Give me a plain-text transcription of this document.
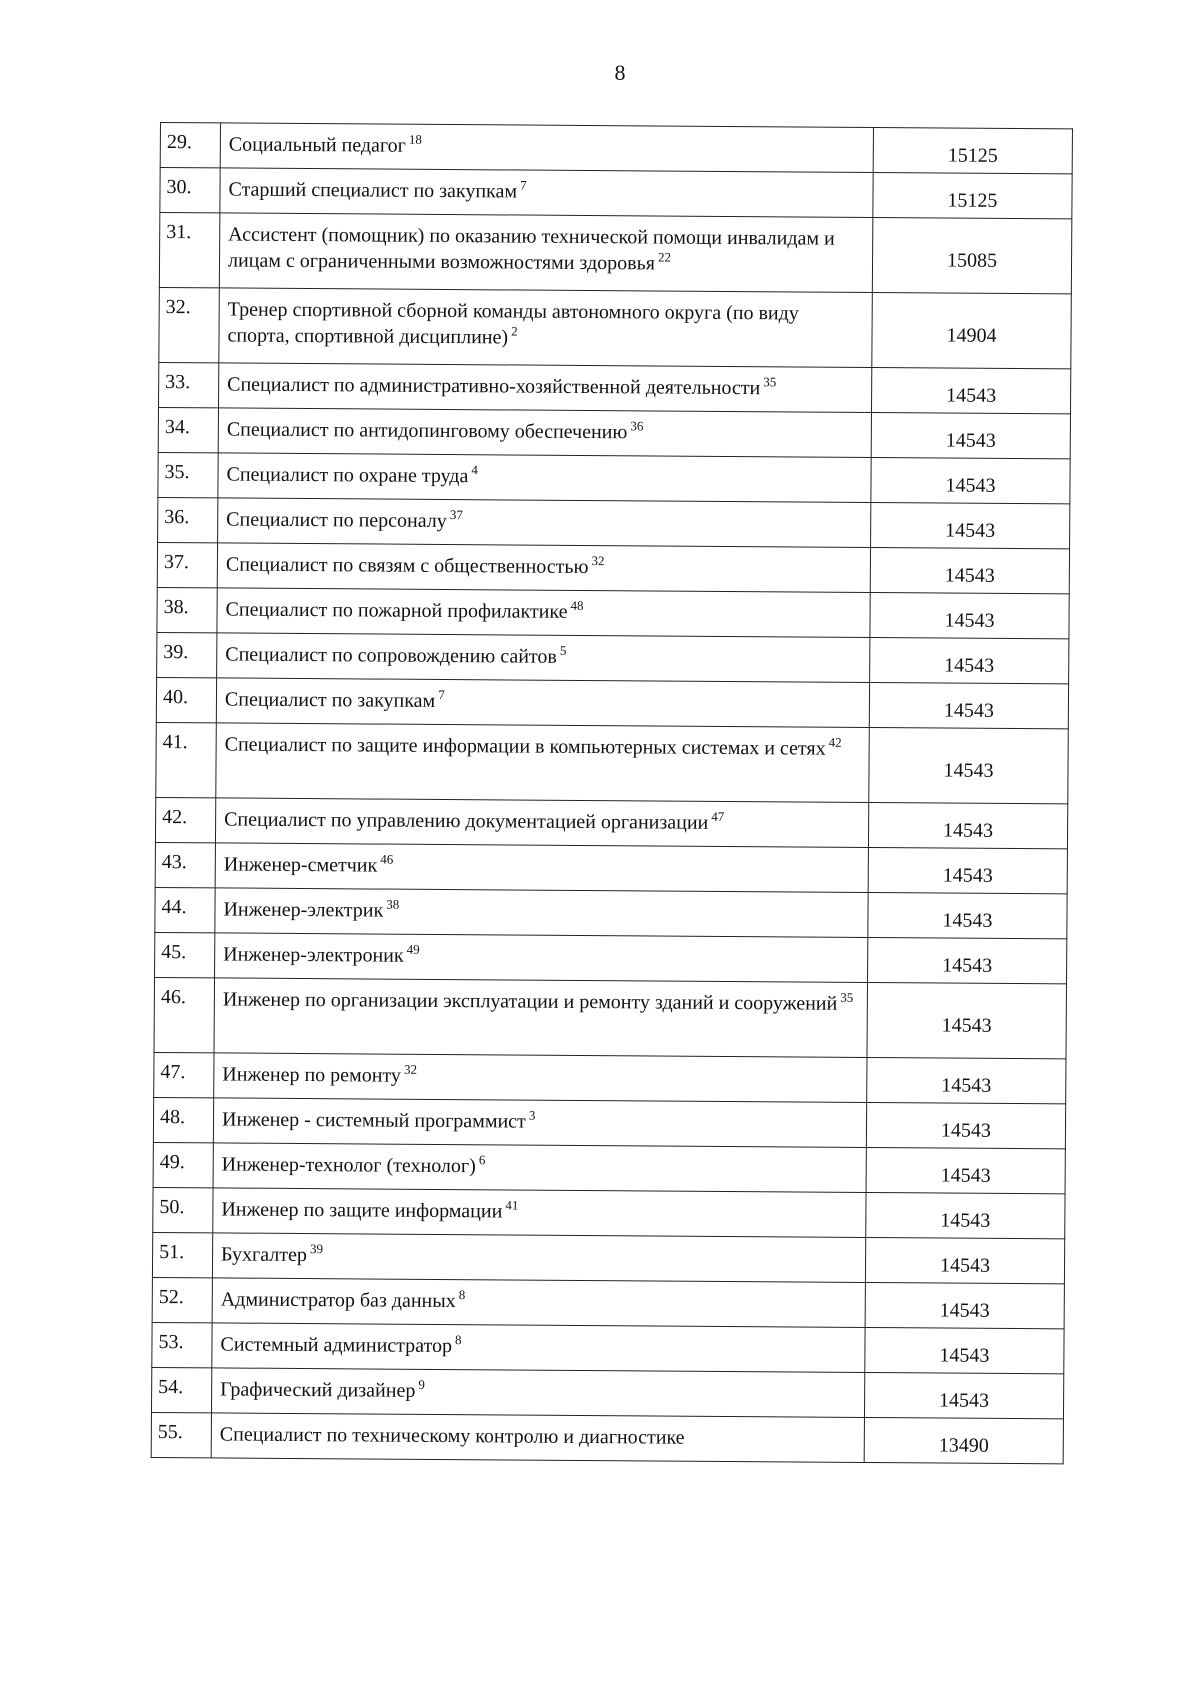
8
29.	Социальный педагог $^{18}$	15125
30.	Старший специалист по закупкам $^7$	15125
31.	Ассистент (помощник) по оказанию технической помощи инвалидам и лицам с ограниченными возможностями здоровья $^{22}$	15085
32.	Тренер спортивной сборной команды автономного округа (по виду спорта, спортивной дисциплине) $^2$	14904
33.	Специалист по административно-хозяйственной деятельности $^{35}$	14543
34.	Специалист по антидопинговому обеспечению $^{36}$	14543
35.	Специалист по охране труда $^4$	14543
36.	Специалист по персоналу $^{37}$	14543
37.	Специалист по связям с общественностью $^{32}$	14543
38.	Специалист по пожарной профилактике $^{48}$	14543
39.	Специалист по сопровождению сайтов $^5$	14543
40.	Специалист по закупкам $^7$	14543
41.	Специалист по защите информации в компьютерных системах и сетях $^{42}$	14543
42.	Специалист по управлению документацией организации $^{47}$	14543
43.	Инженер-сметчик $^{46}$	14543
44.	Инженер-электрик $^{38}$	14543
45.	Инженер-электроник $^{49}$	14543
46.	Инженер по организации эксплуатации и ремонту зданий и сооружений $^{35}$	14543
47.	Инженер по ремонту $^{32}$	14543
48.	Инженер - системный программист $^3$	14543
49.	Инженер-технолог (технолог) $^6$	14543
50.	Инженер по защите информации $^{41}$	14543
51.	Бухгалтер $^{39}$	14543
52.	Администратор баз данных $^8$	14543
53.	Системный администратор $^8$	14543
54.	Графический дизайнер $^9$	14543
55.	Специалист по техническому контролю и диагностике	13490
